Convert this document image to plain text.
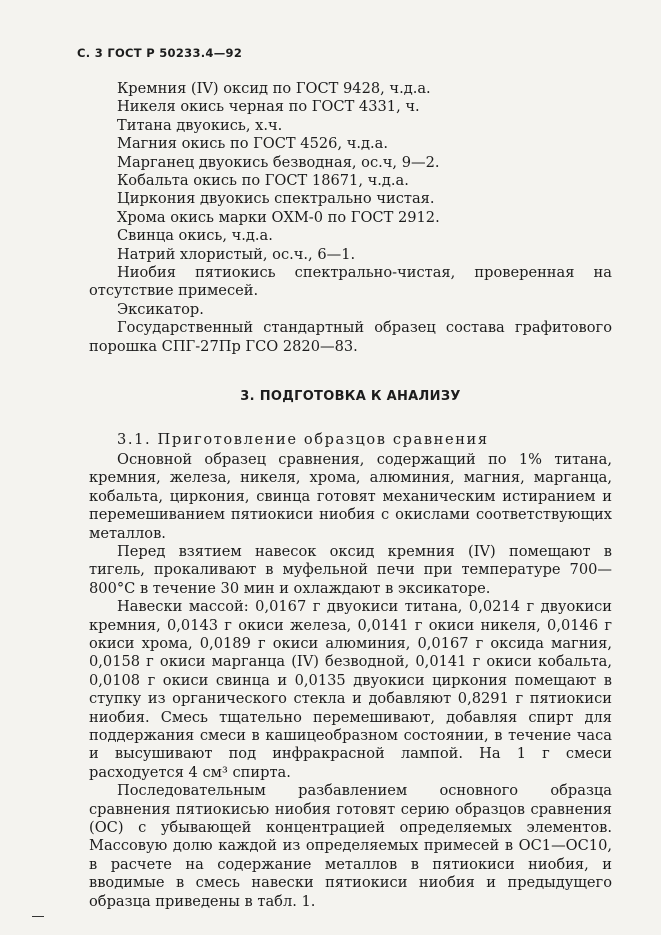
С. 3 ГОСТ Р 50233.4—92
Кремния (IV) оксид по ГОСТ 9428, ч.д.а.
Никеля окись черная по ГОСТ 4331, ч.
Титана двуокись, х.ч.
Магния окись по ГОСТ 4526, ч.д.а.
Марганец двуокись безводная, ос.ч, 9—2.
Кобальта окись по ГОСТ 18671, ч.д.а.
Циркония двуокись спектрально чистая.
Хрома окись марки ОХМ-0 по ГОСТ 2912.
Свинца окись, ч.д.а.
Натрий хлористый, ос.ч., 6—1.

Ниобия пятиокись спектрально-чистая, проверенная на отсутствие примесей.

Эксикатор.

Государственный стандартный образец состава графитового порошка СПГ-27Пр ГСО 2820—83.

3. ПОДГОТОВКА К АНАЛИЗУ
3.1. Приготовление образцов сравнения

Основной образец сравнения, содержащий по 1% титана, кремния, железа, никеля, хрома, алюминия, магния, марганца, кобальта, циркония, свинца готовят механическим истиранием и перемешиванием пятиокиси ниобия с окислами соответствующих металлов.

Перед взятием навесок оксид кремния (IV) помещают в тигель, прокаливают в муфельной печи при температуре 700—800°С в течение 30 мин и охлаждают в эксикаторе.

Навески массой: 0,0167 г двуокиси титана, 0,0214 г двуокиси кремния, 0,0143 г окиси железа, 0,0141 г окиси никеля, 0,0146 г окиси хрома, 0,0189 г окиси алюминия, 0,0167 г оксида магния, 0,0158 г окиси марганца (IV) безводной, 0,0141 г окиси кобальта, 0,0108 г окиси свинца и 0,0135 двуокиси циркония помещают в ступку из органического стекла и добавляют 0,8291 г пятиокиси ниобия. Смесь тщательно перемешивают, добавляя спирт для поддержания смеси в кашицеобразном состоянии, в течение часа и высушивают под инфракрасной лампой. На 1 г смеси расходуется 4 см³ спирта.

Последовательным разбавлением основного образца сравнения пятиокисью ниобия готовят серию образцов сравнения (ОС) с убывающей концентрацией определяемых элементов. Массовую долю каждой из определяемых примесей в ОС1—ОС10, в расчете на содержание металлов в пятиокиси ниобия, и вводимые в смесь навески пятиокиси ниобия и предыдущего образца приведены в табл. 1.
